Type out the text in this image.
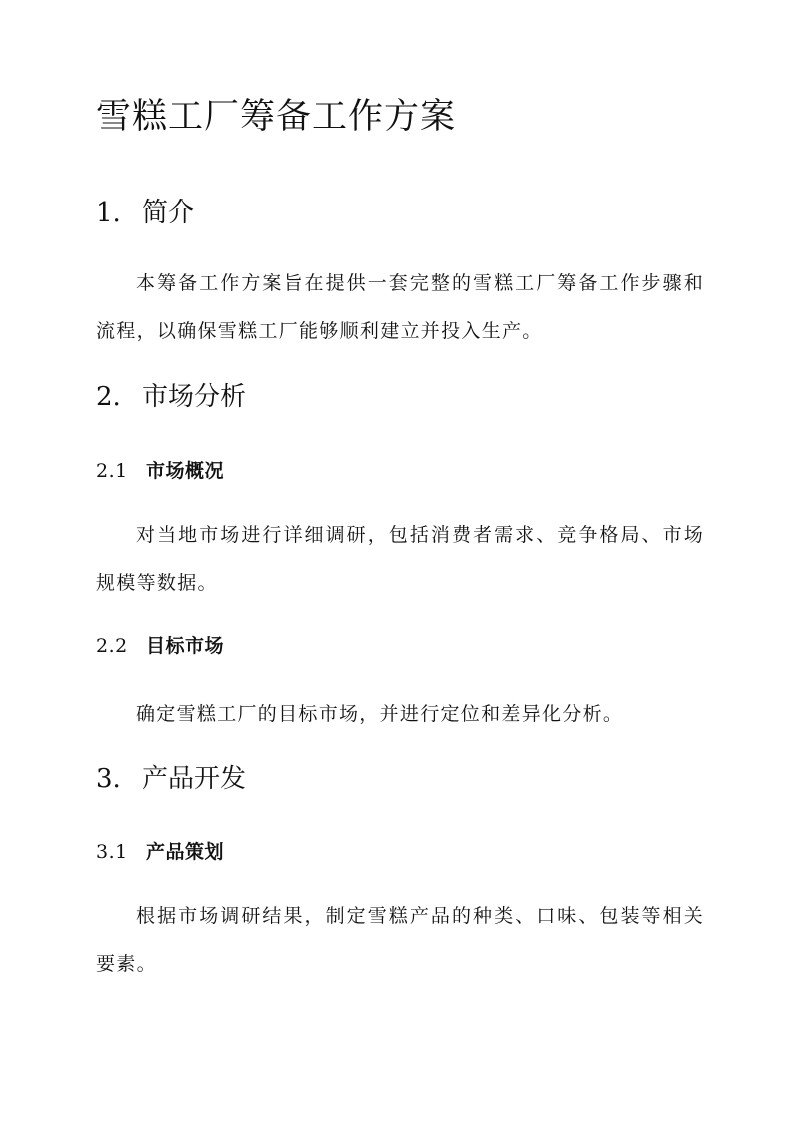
雪糕工厂筹备工作方案
1. 简介
本筹备工作方案旨在提供一套完整的雪糕工厂筹备工作步骤和流程，以确保雪糕工厂能够顺利建立并投入生产。
2. 市场分析
2.1 市场概况
对当地市场进行详细调研，包括消费者需求、竞争格局、市场规模等数据。
2.2 目标市场
确定雪糕工厂的目标市场，并进行定位和差异化分析。
3. 产品开发
3.1 产品策划
根据市场调研结果，制定雪糕产品的种类、口味、包装等相关要素。
